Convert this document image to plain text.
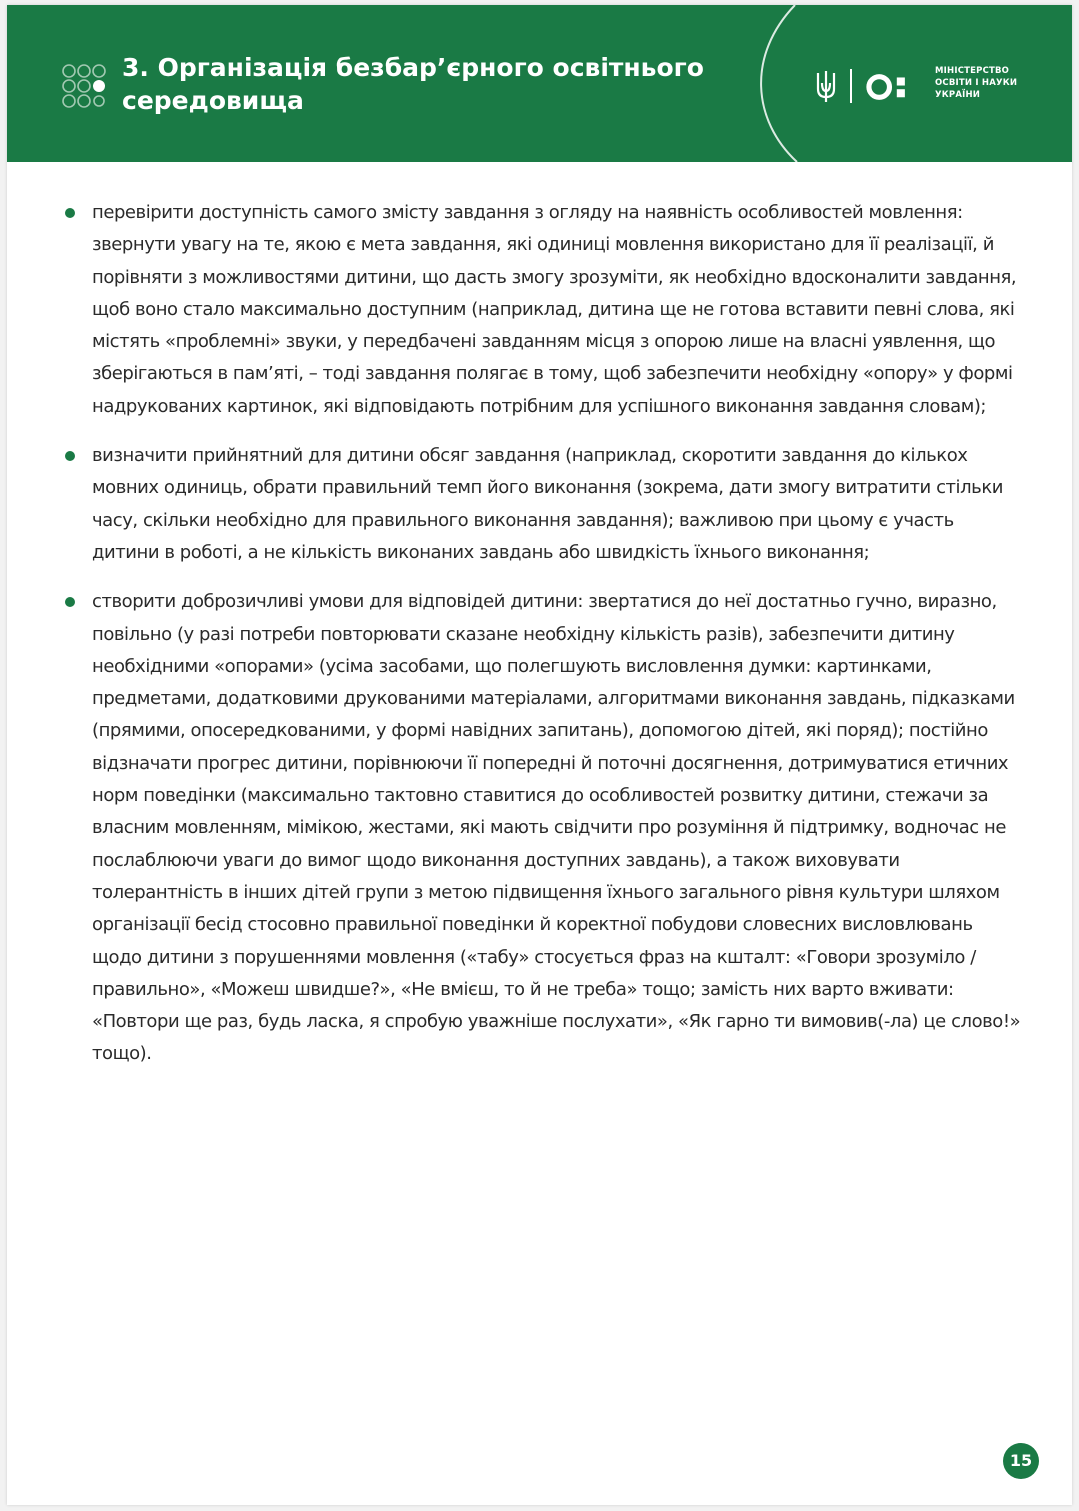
3. Організація безбар’єрного освітнього середовища
МІНІСТЕРСТВО
ОСВІТИ І НАУКИ
УКРАЇНИ
перевірити доступність самого змісту завдання з огляду на наявність особливостей мовлення: звернути увагу на те, якою є мета завдання, які одиниці мовлення використано для її реалізації, й порівняти з можливостями дитини, що дасть змогу зрозуміти, як необхідно вдосконалити завдання, щоб воно стало максимально доступним (наприклад, дитина ще не готова вставити певні слова, які містять «проблемні» звуки, у передбачені завданням місця з опорою лише на власні уявлення, що зберігаються в пам’яті, – тоді завдання полягає в тому, щоб забезпечити необхідну «опору» у формі надрукованих картинок, які відповідають потрібним для успішного виконання завдання словам);
визначити прийнятний для дитини обсяг завдання (наприклад, скоротити завдання до кількох мовних одиниць, обрати правильний темп його виконання (зокрема, дати змогу витратити стільки часу, скільки необхідно для правильного виконання завдання); важливою при цьому є участь дитини в роботі, а не кількість виконаних завдань або швидкість їхнього виконання;
створити доброзичливі умови для відповідей дитини: звертатися до неї достатньо гучно, виразно, повільно (у разі потреби повторювати сказане необхідну кількість разів), забезпечити дитину необхідними «опорами» (усіма засобами, що полегшують висловлення думки: картинками, предметами, додатковими друкованими матеріалами, алгоритмами виконання завдань, підказками (прямими, опосередкованими, у формі навідних запитань), допомогою дітей, які поряд); постійно відзначати прогрес дитини, порівнюючи її попередні й поточні досягнення, дотримуватися етичних норм поведінки (максимально тактовно ставитися до особливостей розвитку дитини, стежачи за власним мовленням, мімікою, жестами, які мають свідчити про розуміння й підтримку, водночас не послаблюючи уваги до вимог щодо виконання доступних завдань), а також виховувати толерантність в інших дітей групи з метою підвищення їхнього загального рівня культури шляхом організації бесід стосовно правильної поведінки й коректної побудови словесних висловлювань щодо дитини з порушеннями мовлення («табу» стосується фраз на кшталт: «Говори зрозуміло / правильно», «Можеш швидше?», «Не вмієш, то й не треба» тощо; замість них варто вживати: «Повтори ще раз, будь ласка, я спробую уважніше послухати», «Як гарно ти вимовив(-ла) це слово!» тощо).
15
